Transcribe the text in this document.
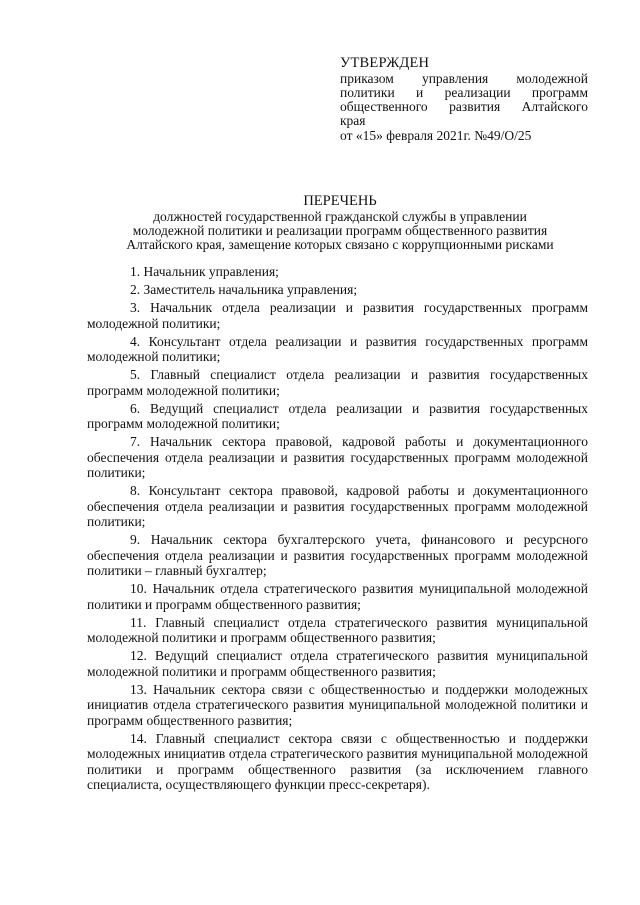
УТВЕРЖДЕН
приказом управления молодежной
политики и реализации программ
общественного развития Алтайского
края
от «15» февраля 2021г. №49/О/25
ПЕРЕЧЕНЬ
должностей государственной гражданской службы в управлении
молодежной политики и реализации программ общественного развития
Алтайского края, замещение которых связано с коррупционными рисками

1. Начальник управления;

2. Заместитель начальника управления;

3. Начальник отдела реализации и развития государственных программ молодежной политики;

4. Консультант отдела реализации и развития государственных программ молодежной политики;

5. Главный специалист отдела реализации и развития государственных программ молодежной политики;

6. Ведущий специалист отдела реализации и развития государственных программ молодежной политики;

7. Начальник сектора правовой, кадровой работы и документационного обеспечения отдела реализации и развития государственных программ молодежной политики;

8. Консультант сектора правовой, кадровой работы и документационного обеспечения отдела реализации и развития государственных программ молодежной политики;

9. Начальник сектора бухгалтерского учета, финансового и ресурсного обеспечения отдела реализации и развития государственных программ молодежной политики – главный бухгалтер;

10. Начальник отдела стратегического развития муниципальной молодежной политики и программ общественного развития;

11. Главный специалист отдела стратегического развития муниципальной молодежной политики и программ общественного развития;

12. Ведущий специалист отдела стратегического развития муниципальной молодежной политики и программ общественного развития;

13. Начальник сектора связи с общественностью и поддержки молодежных инициатив отдела стратегического развития муниципальной молодежной политики и программ общественного развития;

14. Главный специалист сектора связи с общественностью и поддержки молодежных инициатив отдела стратегического развития муниципальной молодежной политики и программ общественного развития (за исключением главного специалиста, осуществляющего функции пресс-секретаря).
